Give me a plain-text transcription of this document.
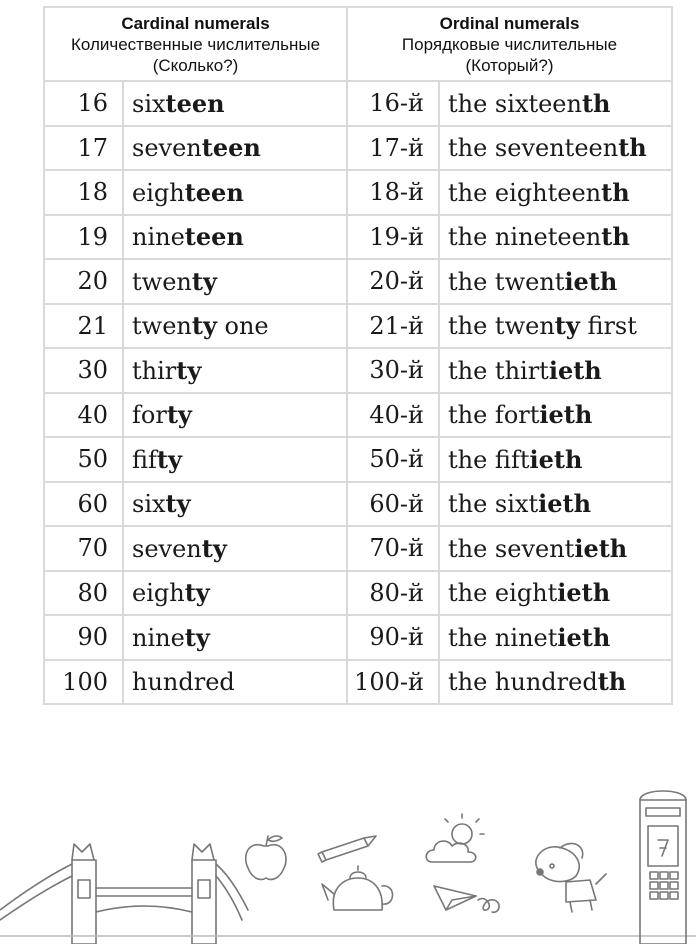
Cardinal numerals
Количественные числительные
(Сколько?)		Ordinal numerals
Порядковые числительные
(Который?)	

16	sixteen	16-й	the sixteenth
17	seventeen	17-й	the seventeenth
18	eighteen	18-й	the eighteenth
19	nineteen	19-й	the nineteenth
20	twenty	20-й	the twentieth
21	twenty one	21-й	the twenty first
30	thirty	30-й	the thirtieth
40	forty	40-й	the fortieth
50	fifty	50-й	the fiftieth
60	sixty	60-й	the sixtieth
70	seventy	70-й	the seventieth
80	eighty	80-й	the eightieth
90	ninety	90-й	the ninetieth
100	hundred	100-й	the hundredth
